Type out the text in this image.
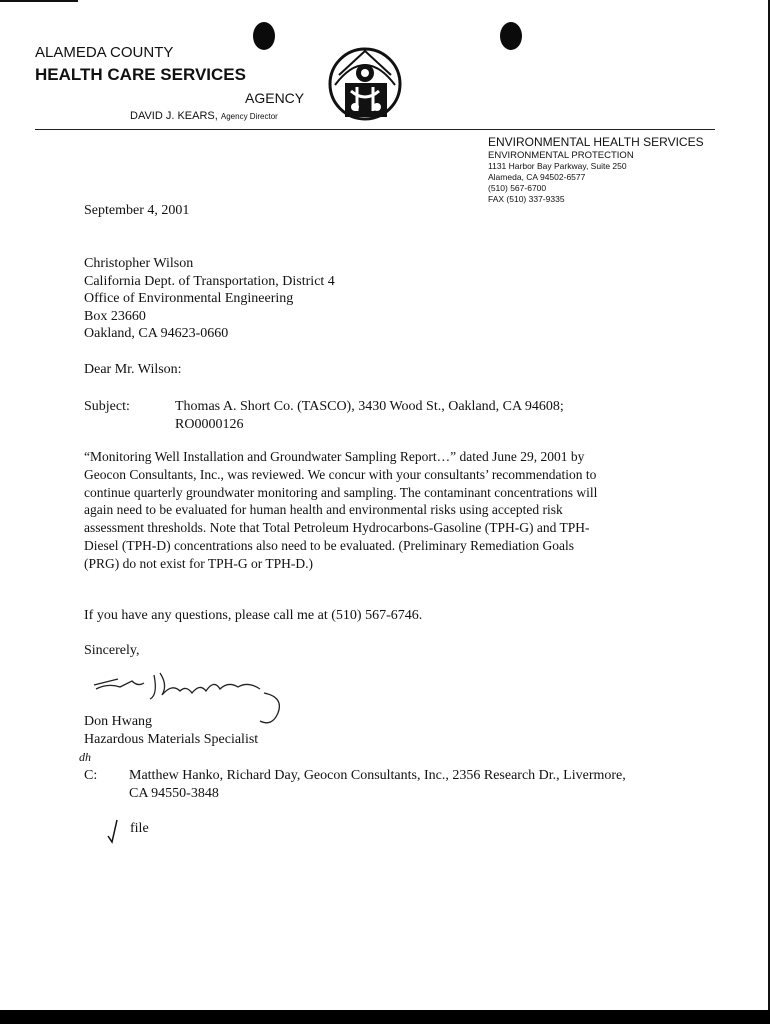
ALAMEDA COUNTY
HEALTH CARE SERVICES
AGENCY
DAVID J. KEARS, Agency Director
ENVIRONMENTAL HEALTH SERVICES
ENVIRONMENTAL PROTECTION
1131 Harbor Bay Parkway, Suite 250
Alameda, CA 94502-6577
(510) 567-6700
FAX (510) 337-9335
September 4, 2001
Christopher Wilson
California Dept. of Transportation, District 4
Office of Environmental Engineering
Box 23660
Oakland, CA 94623-0660
Dear Mr. Wilson:
Subject:	Thomas A. Short Co. (TASCO), 3430 Wood St., Oakland, CA 94608;
RO0000126
“Monitoring Well Installation and Groundwater Sampling Report…” dated June 29, 2001 by
Geocon Consultants, Inc., was reviewed. We concur with your consultants’ recommendation to
continue quarterly groundwater monitoring and sampling. The contaminant concentrations will
again need to be evaluated for human health and environmental risks using accepted risk
assessment thresholds. Note that Total Petroleum Hydrocarbons-Gasoline (TPH-G) and TPH-
Diesel (TPH-D) concentrations also need to be evaluated. (Preliminary Remediation Goals
(PRG) do not exist for TPH-G or TPH-D.)
If you have any questions, please call me at (510) 567-6746.
Sincerely,
Don Hwang
Hazardous Materials Specialist
dh
C: Matthew Hanko, Richard Day, Geocon Consultants, Inc., 2356 Research Dr., Livermore,
CA 94550-3848
file
